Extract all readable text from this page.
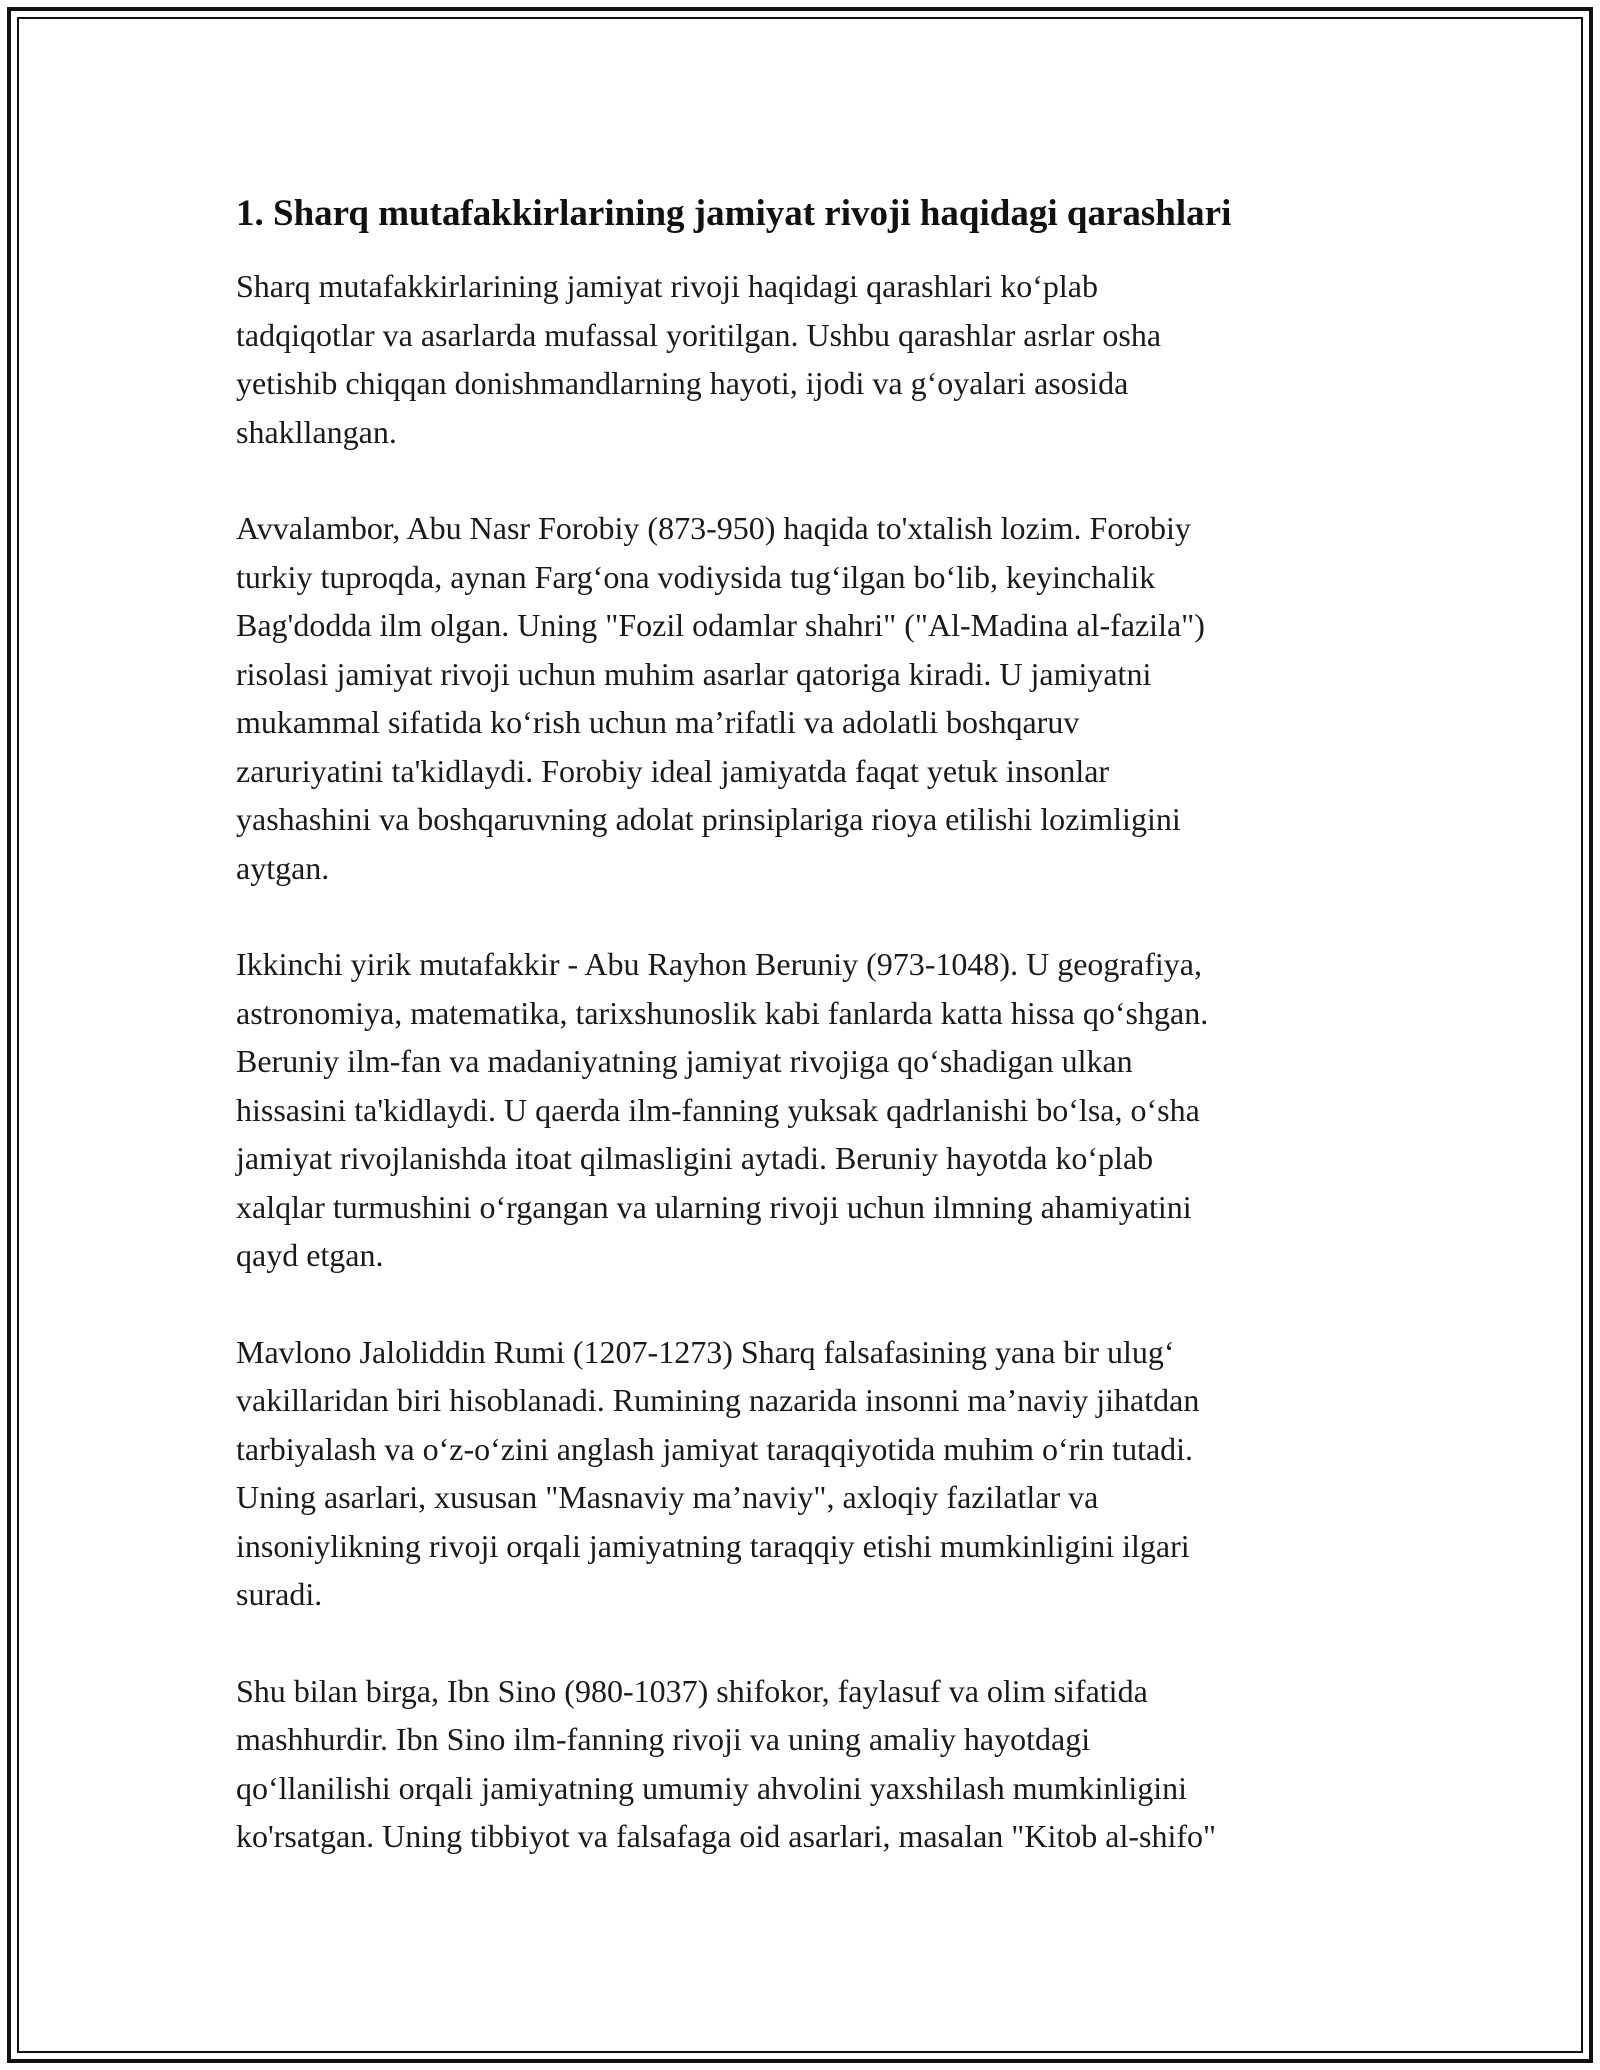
1. Sharq mutafakkirlarining jamiyat rivoji haqidagi qarashlari

Sharq mutafakkirlarining jamiyat rivoji haqidagi qarashlari koʻplab
tadqiqotlar va asarlarda mufassal yoritilgan. Ushbu qarashlar asrlar osha
yetishib chiqqan donishmandlarning hayoti, ijodi va gʻoyalari asosida
shakllangan.

Avvalambor, Abu Nasr Forobiy (873-950) haqida to'xtalish lozim. Forobiy
turkiy tuproqda, aynan Fargʻona vodiysida tugʻilgan boʻlib, keyinchalik
Bag'dodda ilm olgan. Uning "Fozil odamlar shahri" ("Al-Madina al-fazila")
risolasi jamiyat rivoji uchun muhim asarlar qatoriga kiradi. U jamiyatni
mukammal sifatida koʻrish uchun maʼrifatli va adolatli boshqaruv
zaruriyatini ta'kidlaydi. Forobiy ideal jamiyatda faqat yetuk insonlar
yashashini va boshqaruvning adolat prinsiplariga rioya etilishi lozimligini
aytgan.

Ikkinchi yirik mutafakkir - Abu Rayhon Beruniy (973-1048). U geografiya,
astronomiya, matematika, tarixshunoslik kabi fanlarda katta hissa qoʻshgan.
Beruniy ilm-fan va madaniyatning jamiyat rivojiga qoʻshadigan ulkan
hissasini ta'kidlaydi. U qaerda ilm-fanning yuksak qadrlanishi boʻlsa, oʻsha
jamiyat rivojlanishda itoat qilmasligini aytadi. Beruniy hayotda koʻplab
xalqlar turmushini oʻrgangan va ularning rivoji uchun ilmning ahamiyatini
qayd etgan.

Mavlono Jaloliddin Rumi (1207-1273) Sharq falsafasining yana bir ulugʻ
vakillaridan biri hisoblanadi. Rumining nazarida insonni maʼnaviy jihatdan
tarbiyalash va oʻz-oʻzini anglash jamiyat taraqqiyotida muhim oʻrin tutadi.
Uning asarlari, xususan "Masnaviy maʼnaviy", axloqiy fazilatlar va
insoniylikning rivoji orqali jamiyatning taraqqiy etishi mumkinligini ilgari
suradi.

Shu bilan birga, Ibn Sino (980-1037) shifokor, faylasuf va olim sifatida
mashhurdir. Ibn Sino ilm-fanning rivoji va uning amaliy hayotdagi
qoʻllanilishi orqali jamiyatning umumiy ahvolini yaxshilash mumkinligini
ko'rsatgan. Uning tibbiyot va falsafaga oid asarlari, masalan "Kitob al-shifo"
